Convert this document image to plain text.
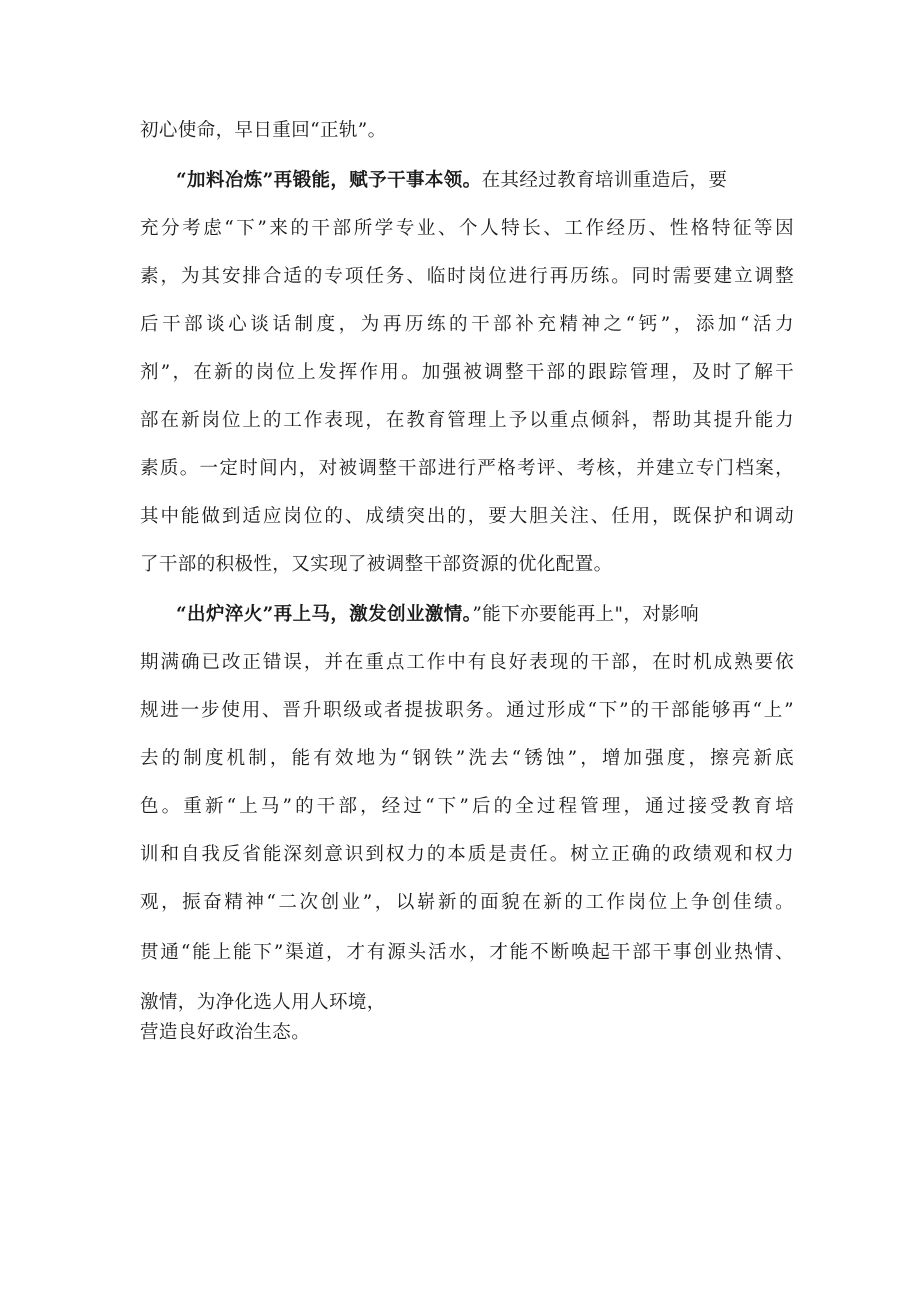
初心使命，早日重回“正轨”。
“加料冶炼”再锻能，赋予干事本领。在其经过教育培训重造后，要
充分考虑“下”来的干部所学专业、个人特长、工作经历、性格特征等因
素，为其安排合适的专项任务、临时岗位进行再历练。同时需要建立调整
后干部谈心谈话制度，为再历练的干部补充精神之“钙”，添加“活力
剂”，在新的岗位上发挥作用。加强被调整干部的跟踪管理，及时了解干
部在新岗位上的工作表现，在教育管理上予以重点倾斜，帮助其提升能力
素质。一定时间内，对被调整干部进行严格考评、考核，并建立专门档案，
其中能做到适应岗位的、成绩突出的，要大胆关注、任用，既保护和调动
了干部的积极性，又实现了被调整干部资源的优化配置。
“出炉淬火”再上马，激发创业激情。”能下亦要能再上"，对影响
期满确已改正错误，并在重点工作中有良好表现的干部，在时机成熟要依
规进一步使用、晋升职级或者提拔职务。通过形成“下”的干部能够再“上”
去的制度机制，能有效地为“钢铁”洗去“锈蚀”，增加强度，擦亮新底
色。重新“上马”的干部，经过“下”后的全过程管理，通过接受教育培
训和自我反省能深刻意识到权力的本质是责任。树立正确的政绩观和权力
观，振奋精神“二次创业”，以崭新的面貌在新的工作岗位上争创佳绩。
贯通“能上能下”渠道，才有源头活水，才能不断唤起干部干事创业热情、
激情，为净化选人用人环境，
营造良好政治生态。
